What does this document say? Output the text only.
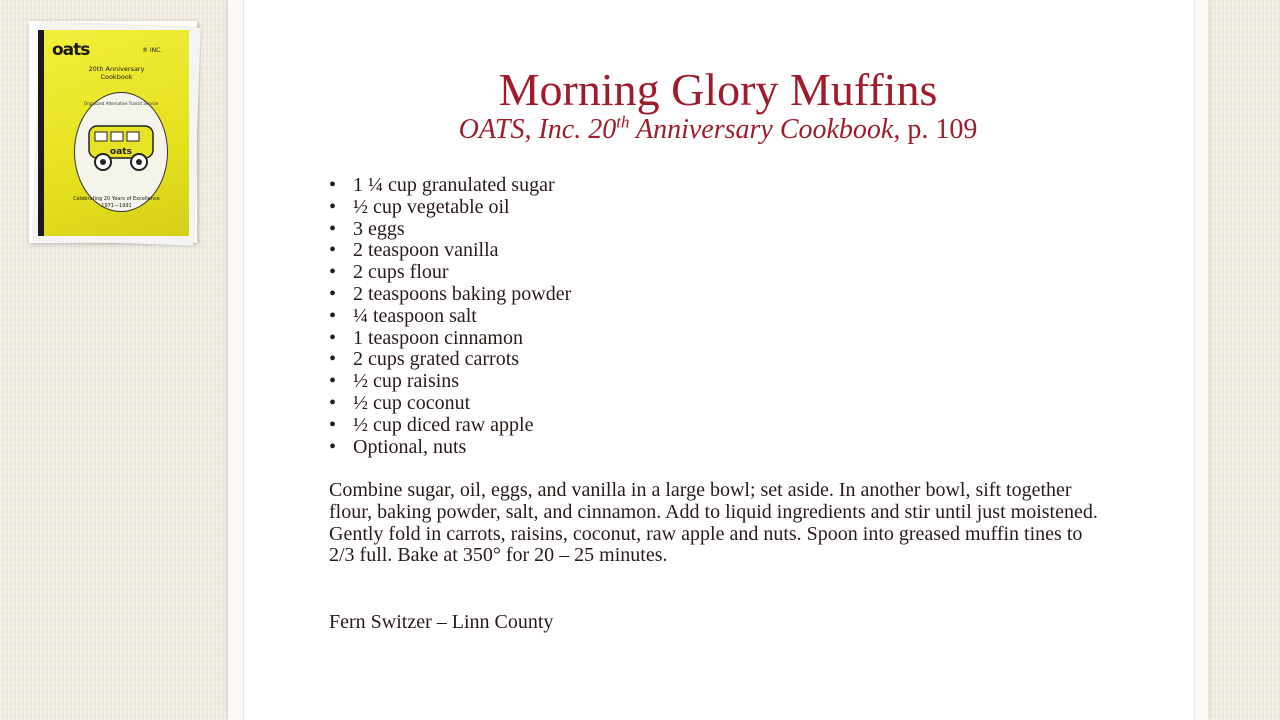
oats	® INC.
20th Anniversary
Cookbook
Organized Alternative Transit Service
oats
Celebrating 20 Years of Excellence
1971—1991
Morning Glory Muffins
OATS, Inc. 20th Anniversary Cookbook, p. 109
• 1 ¼ cup granulated sugar
• ½ cup vegetable oil
• 3 eggs
• 2 teaspoon vanilla
• 2 cups flour
• 2 teaspoons baking powder
• ¼ teaspoon salt
• 1 teaspoon cinnamon
• 2 cups grated carrots
• ½ cup raisins
• ½ cup coconut
• ½ cup diced raw apple
• Optional, nuts

Combine sugar, oil, eggs, and vanilla in a large bowl; set aside. In another bowl, sift together flour, baking powder, salt, and cinnamon. Add to liquid ingredients and stir until just moistened. Gently fold in carrots, raisins, coconut, raw apple and nuts. Spoon into greased muffin tines to 2/3 full. Bake at 350° for 20 – 25 minutes.

Fern Switzer – Linn County
